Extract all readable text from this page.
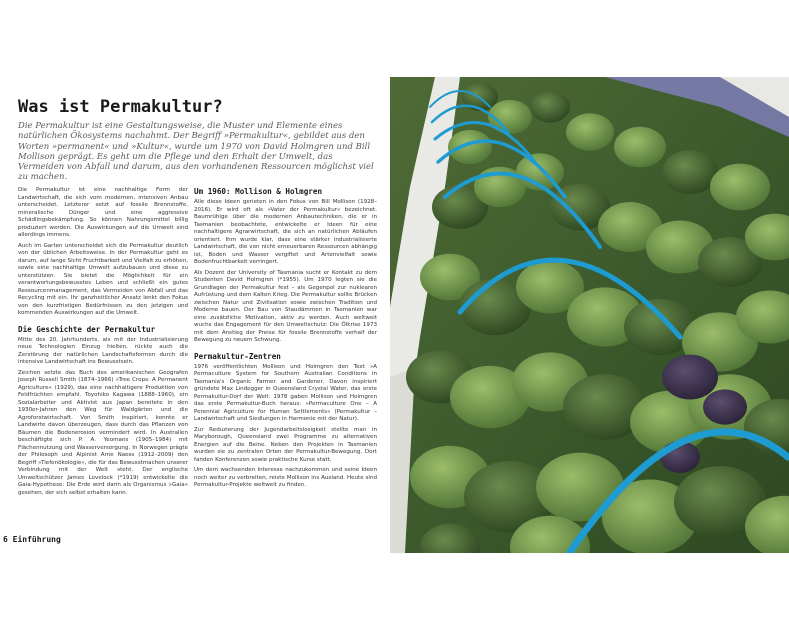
Was ist Permakultur?

Die Permakultur ist eine Gestaltungsweise, die Muster und Elemente eines natürlichen Ökosystems nachahmt. Der Begriff »Permakultur«, gebildet aus den Worten »permanent« und »Kultur«, wurde um 1970 von David Holmgren und Bill Mollison geprägt. Es geht um die Pflege und den Erhalt der Umwelt, das Vermeiden von Abfall und darum, aus den vorhandenen Ressourcen möglichst viel zu machen.

Die Permakultur ist eine nachhaltige Form der Landwirtschaft, die sich vom modernen, intensiven Anbau unterscheidet. Letzterer setzt auf fossile Brennstoffe, mineralische Dünger und eine aggressive Schädlingsbekämpfung. So können Nahrungsmittel billig produziert werden. Die Auswirkungen auf die Umwelt sind allerdings immens.

Auch im Garten unterscheidet sich die Permakultur deutlich von der üblichen Arbeitsweise. In der Permakultur geht es darum, auf lange Sicht Fruchtbarkeit und Vielfalt zu erhöhen, sowie eine nachhaltige Umwelt aufzubauen und diese zu unterstützen. Sie bietet die Möglichkeit für ein verantwortungsbewusstes Leben und schließt ein gutes Ressourcenmanagement, das Vermeiden von Abfall und das Recycling mit ein. Ihr ganzheitlicher Ansatz lenkt den Fokus von den kurzfristigen Bedürfnissen zu den jetzigen und kommenden Auswirkungen auf die Umwelt.

Die Geschichte der Permakultur

Mitte des 20. Jahrhunderts, als mit der Industrialisierung neue Technologien Einzug hielten, rückte auch die Zerstörung der natürlichen Landschaftsformen durch die intensive Landwirtschaft ins Bewusstsein.

Zeichen setzte das Buch des amerikanischen Geografen Joseph Russell Smith (1874–1966) »Tree Crops: A Permanent Agriculture« (1929), das eine nachhaltigere Produktion von Feldfrüchten empfahl. Toyohiko Kagawa (1888–1960), ein Sozialarbeiter und Aktivist aus Japan bereitete in den 1930er-Jahren den Weg für Waldgärten und die Agroforstwirtschaft. Von Smith inspiriert, konnte er Landwirte davon überzeugen, dass durch das Pflanzen von Bäumen die Bodenerosion vermindert wird. In Australien beschäftigte sich P. A. Yeomans (1905–1984) mit Flächennutzung und Wasserversorgung. In Norwegen prägte der Philosoph und Alpinist Arne Naess (1912–2009) den Begriff »Tiefenökologie«, die für das Bewusstmachen unserer Verbindung mit der Welt steht. Der englische Umweltschützer James Lovelock (*1919) entwickelte die Gaia-Hypothese: Die Erde wird darin als Organismus »Gaia« gesehen, der sich selbst erhalten kann.

Um 1960: Mollison & Holmgren

Alle diese Ideen gerieten in den Fokus von Bill Mollison (1928–2016). Er wird oft als »Vater der Permakultur« bezeichnet. Baumrühige über die modernen Anbautechniken, die er in Tasmanien beobachtete, entwickelte er Ideen für eine nachhaltigere Agrarwirtschaft, die sich an natürlichen Abläufen orientiert. Ihm wurde klar, dass eine stärker industrialisierte Landwirtschaft, die von nicht erneuerbaren Ressourcen abhängig ist, Boden und Wasser vergiftet und Artenvielfalt sowie Bodenfruchtbarkeit verringert.

Als Dozent der University of Tasmania sucht er Kontakt zu dem Studenten David Holmgren (*1955). Um 1970 legten sie die Grundlagen der Permakultur fest – als Gegenpol zur nuklearen Aufrüstung und dem Kalten Krieg. Die Permakultur sollte Brücken zwischen Natur und Zivilisation sowie zwischen Tradition und Moderne bauen. Der Bau von Staudämmen in Tasmanien war eine zusätzliche Motivation, aktiv zu werden. Auch weltweit wuchs das Engagement für den Umweltschutz: Die Ölkrise 1973 mit dem Anstieg der Preise für fossile Brennstoffe verhalf der Bewegung zu neuem Schwung.

Permakultur-Zentren

1976 veröffentlichten Mollison und Holmgren den Text »A Permaculture System for Southern Australian Conditions in Tasmania's Organic Farmer and Gardener. Davon inspiriert gründete Max Lindegger in Queensland Crystal Water, das erste Permakultur-Dorf der Welt. 1978 gaben Mollison und Holmgren das erste Permakultur-Buch heraus: »Permaculture One – A Perennial Agriculture for Human Settlements« (Permakultur – Landwirtschaft und Siedlungen in Harmonie mit der Natur).

Zur Reduzierung der Jugendarbeitslosigkeit stellte man in Maryborough, Queensland zwei Programme zu alternativen Energien auf die Beine. Neben den Projekten in Tasmanien wurden sie zu zentralen Orten der Permakultur-Bewegung. Dort fanden Konferenzen sowie praktische Kurse statt.

Um dem wachsenden Interesse nachzukommen und seine Ideen noch weiter zu verbreiten, reiste Mollison ins Ausland. Heute sind Permakultur-Projekte weltweit zu finden.

6 Einführung
